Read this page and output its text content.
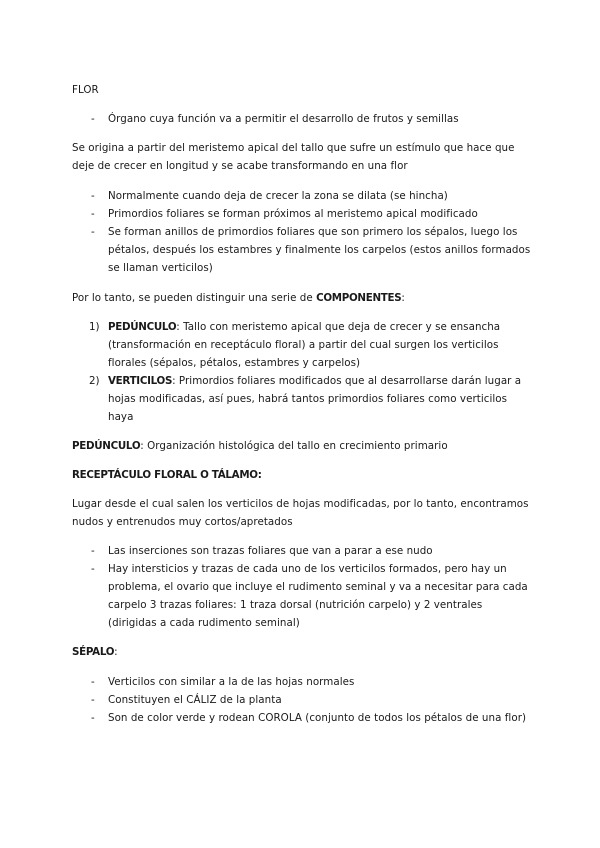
FLOR
- Órgano cuya función va a permitir el desarrollo de frutos y semillas
Se origina a partir del meristemo apical del tallo que sufre un estímulo que hace que
deje de crecer en longitud y se acabe transformando en una flor
- Normalmente cuando deja de crecer la zona se dilata (se hincha)
- Primordios foliares se forman próximos al meristemo apical modificado
- Se forman anillos de primordios foliares que son primero los sépalos, luego los
pétalos, después los estambres y finalmente los carpelos (estos anillos formados
se llaman verticilos)
Por lo tanto, se pueden distinguir una serie de COMPONENTES:
1) PEDÚNCULO: Tallo con meristemo apical que deja de crecer y se ensancha
(transformación en receptáculo floral) a partir del cual surgen los verticilos
florales (sépalos, pétalos, estambres y carpelos)
2) VERTICILOS: Primordios foliares modificados que al desarrollarse darán lugar a
hojas modificadas, así pues, habrá tantos primordios foliares como verticilos
haya
PEDÚNCULO: Organización histológica del tallo en crecimiento primario
RECEPTÁCULO FLORAL O TÁLAMO:
Lugar desde el cual salen los verticilos de hojas modificadas, por lo tanto, encontramos
nudos y entrenudos muy cortos/apretados
- Las inserciones son trazas foliares que van a parar a ese nudo
- Hay intersticios y trazas de cada uno de los verticilos formados, pero hay un
problema, el ovario que incluye el rudimento seminal y va a necesitar para cada
carpelo 3 trazas foliares: 1 traza dorsal (nutrición carpelo) y 2 ventrales
(dirigidas a cada rudimento seminal)
SÉPALO:
- Verticilos con similar a la de las hojas normales
- Constituyen el CÁLIZ de la planta
- Son de color verde y rodean COROLA (conjunto de todos los pétalos de una flor)
